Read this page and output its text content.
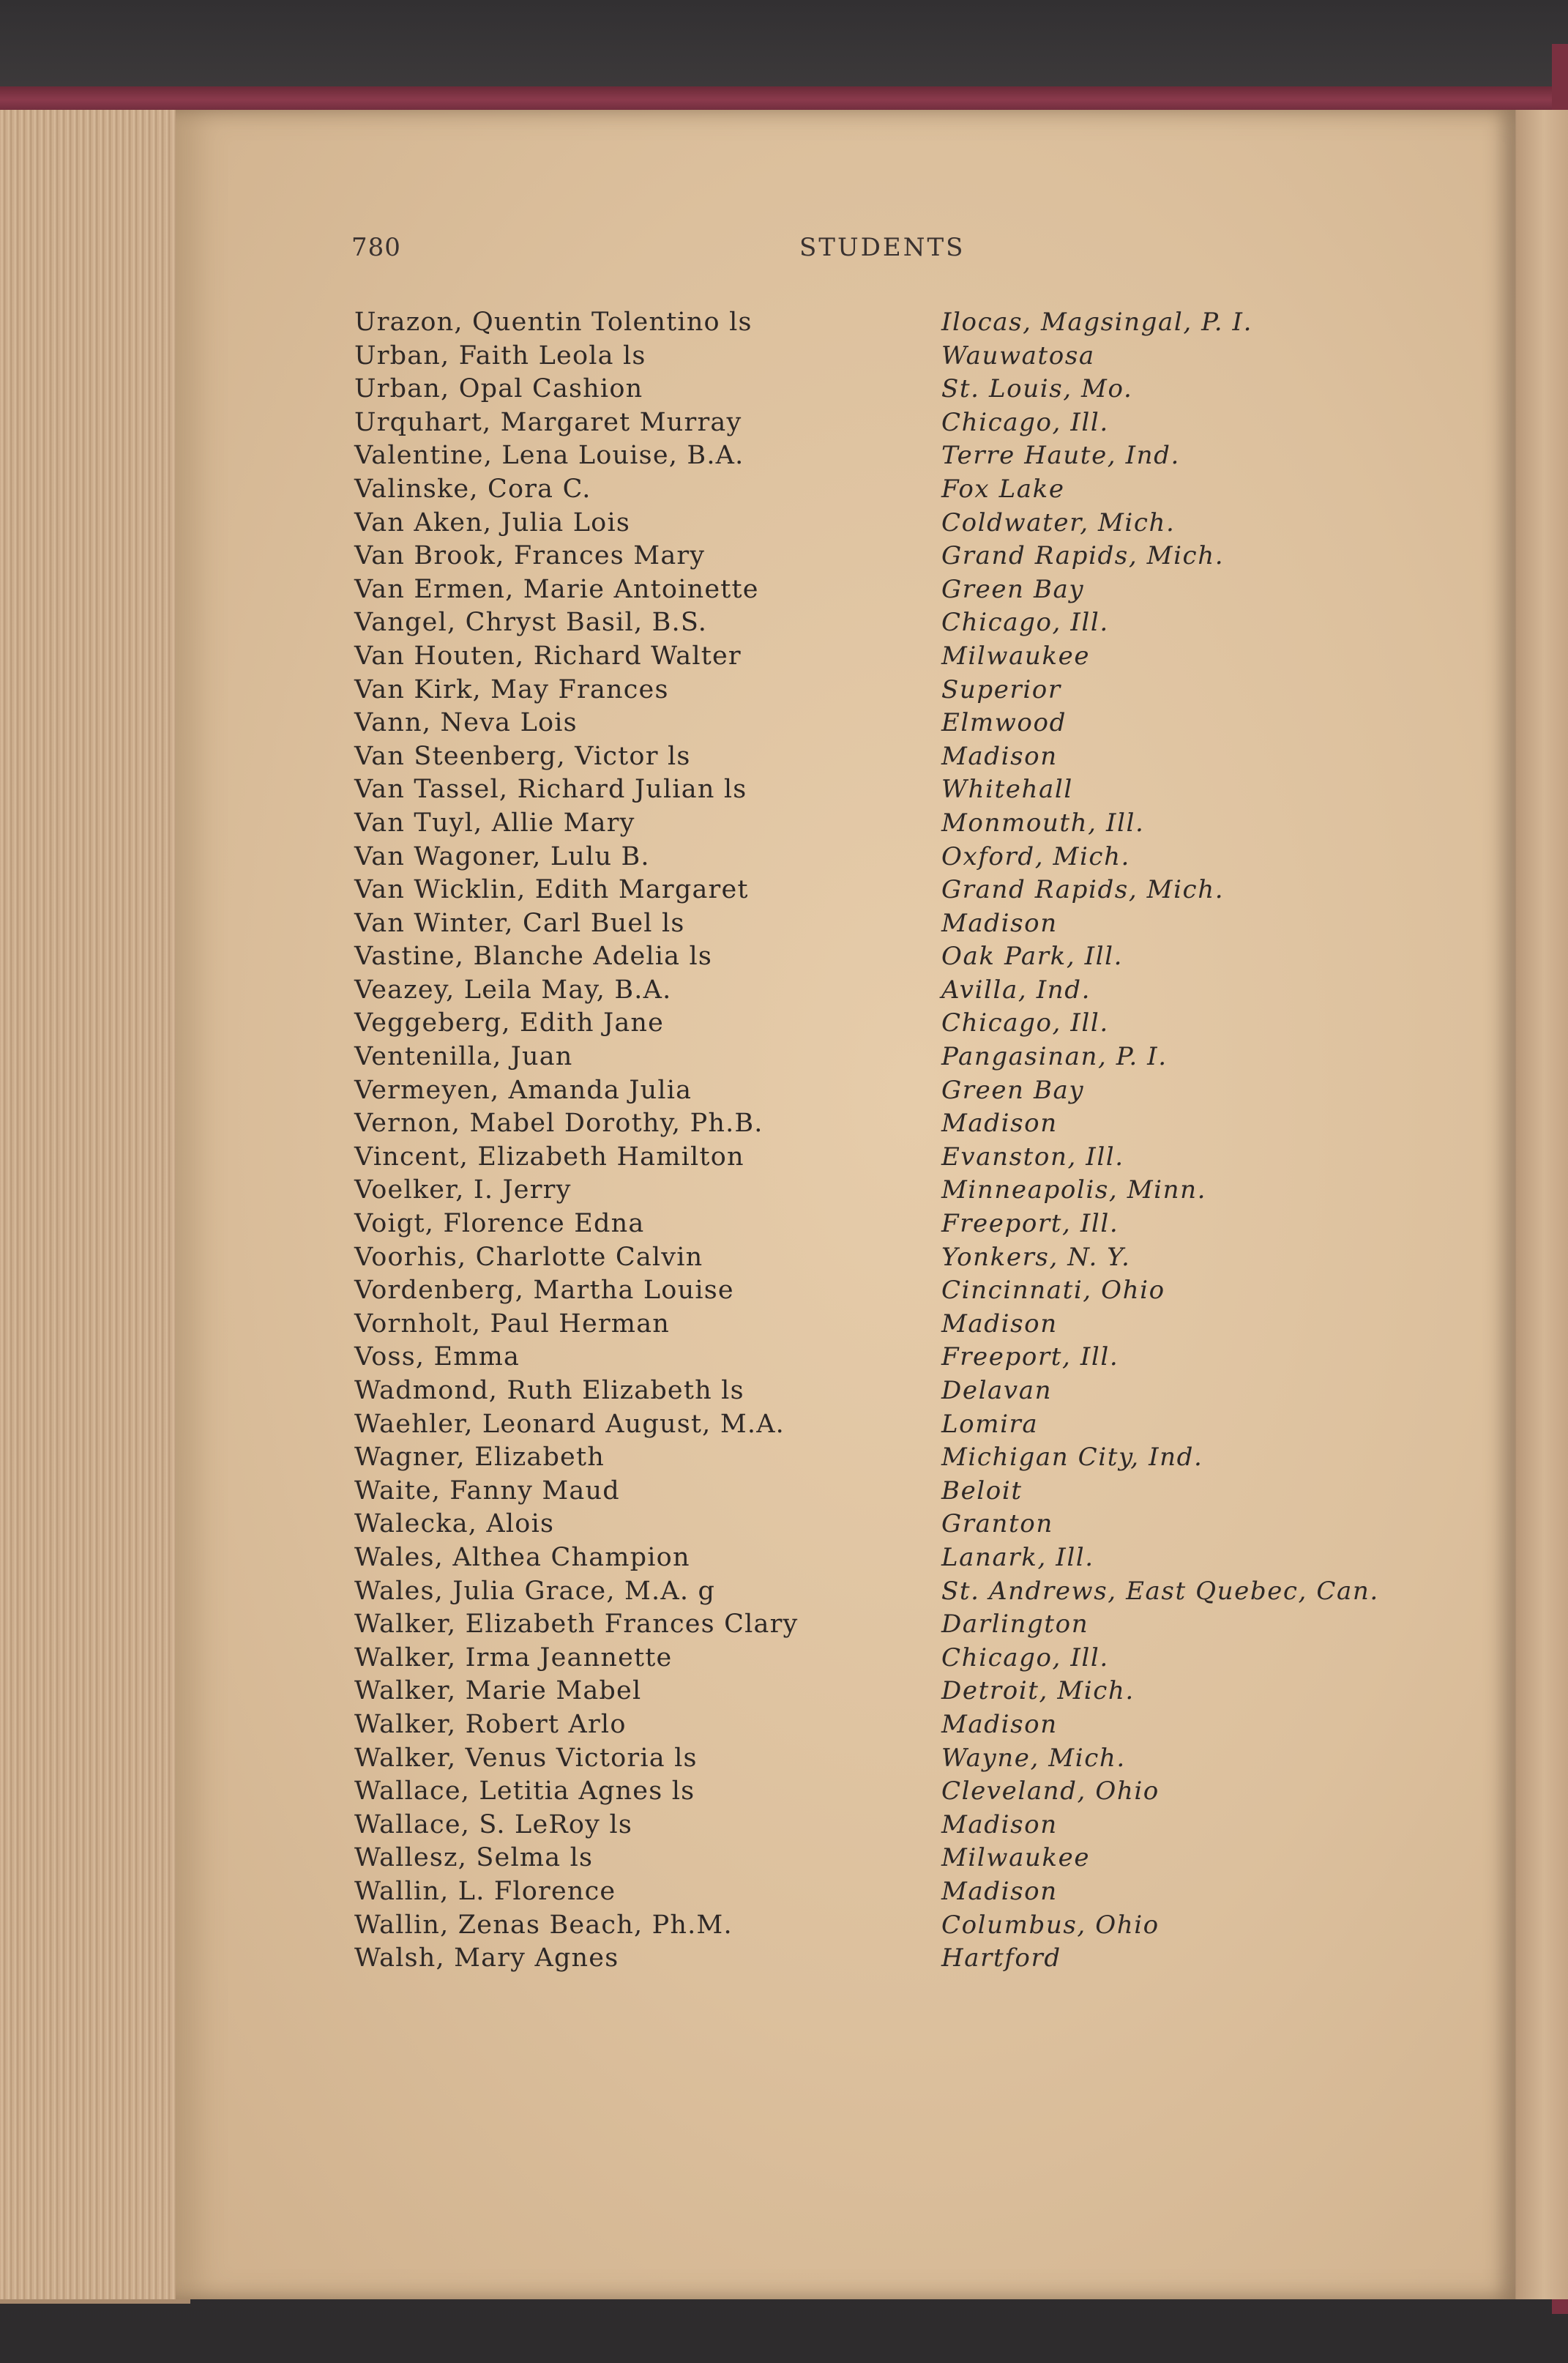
780	STUDENTS
Urazon, Quentin Tolentino ls	Ilocas, Magsingal, P. I.
Urban, Faith Leola ls	Wauwatosa
Urban, Opal Cashion	St. Louis, Mo.
Urquhart, Margaret Murray	Chicago, Ill.
Valentine, Lena Louise, B.A.	Terre Haute, Ind.
Valinske, Cora C.	Fox Lake
Van Aken, Julia Lois	Coldwater, Mich.
Van Brook, Frances Mary	Grand Rapids, Mich.
Van Ermen, Marie Antoinette	Green Bay
Vangel, Chryst Basil, B.S.	Chicago, Ill.
Van Houten, Richard Walter	Milwaukee
Van Kirk, May Frances	Superior
Vann, Neva Lois	Elmwood
Van Steenberg, Victor ls	Madison
Van Tassel, Richard Julian ls	Whitehall
Van Tuyl, Allie Mary	Monmouth, Ill.
Van Wagoner, Lulu B.	Oxford, Mich.
Van Wicklin, Edith Margaret	Grand Rapids, Mich.
Van Winter, Carl Buel ls	Madison
Vastine, Blanche Adelia ls	Oak Park, Ill.
Veazey, Leila May, B.A.	Avilla, Ind.
Veggeberg, Edith Jane	Chicago, Ill.
Ventenilla, Juan	Pangasinan, P. I.
Vermeyen, Amanda Julia	Green Bay
Vernon, Mabel Dorothy, Ph.B.	Madison
Vincent, Elizabeth Hamilton	Evanston, Ill.
Voelker, I. Jerry	Minneapolis, Minn.
Voigt, Florence Edna	Freeport, Ill.
Voorhis, Charlotte Calvin	Yonkers, N. Y.
Vordenberg, Martha Louise	Cincinnati, Ohio
Vornholt, Paul Herman	Madison
Voss, Emma	Freeport, Ill.
Wadmond, Ruth Elizabeth ls	Delavan
Waehler, Leonard August, M.A.	Lomira
Wagner, Elizabeth	Michigan City, Ind.
Waite, Fanny Maud	Beloit
Walecka, Alois	Granton
Wales, Althea Champion	Lanark, Ill.
Wales, Julia Grace, M.A. g	St. Andrews, East Quebec, Can.
Walker, Elizabeth Frances Clary	Darlington
Walker, Irma Jeannette	Chicago, Ill.
Walker, Marie Mabel	Detroit, Mich.
Walker, Robert Arlo	Madison
Walker, Venus Victoria ls	Wayne, Mich.
Wallace, Letitia Agnes ls	Cleveland, Ohio
Wallace, S. LeRoy ls	Madison
Wallesz, Selma ls	Milwaukee
Wallin, L. Florence	Madison
Wallin, Zenas Beach, Ph.M.	Columbus, Ohio
Walsh, Mary Agnes	Hartford
